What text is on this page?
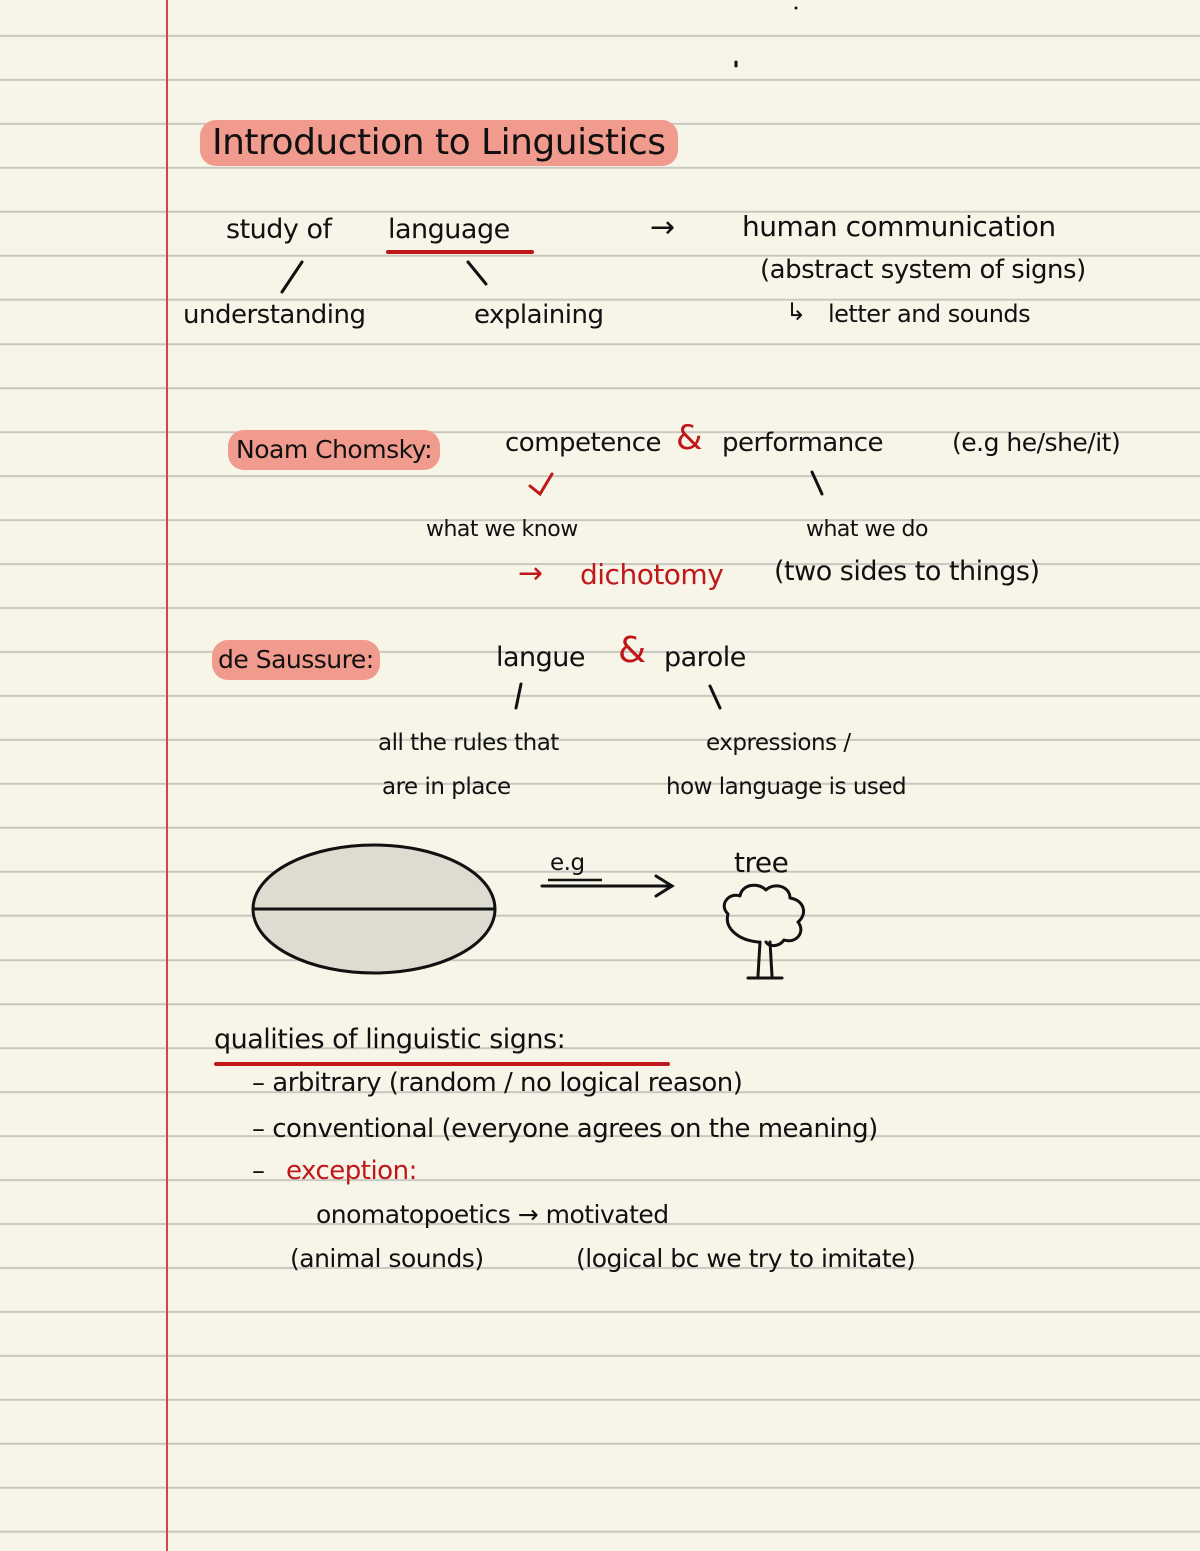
Introduction to Linguistics
study of language
understanding	explaining
→ human communication
(abstract system of signs)
↳ letter and sounds
Noam Chomsky:	competence & performance	(e.g he/she/it)
what we know	what we do
→ dichotomy (two sides to things)
de Saussure:	langue & parole
all the rules that
are in place
expressions /
how language is used
e.g	tree
qualities of linguistic signs:
– arbitrary (random / no logical reason)
– conventional (everyone agrees on the meaning)
– exception:
onomatopoetics → motivated
(animal sounds)	(logical bc we try to imitate)
